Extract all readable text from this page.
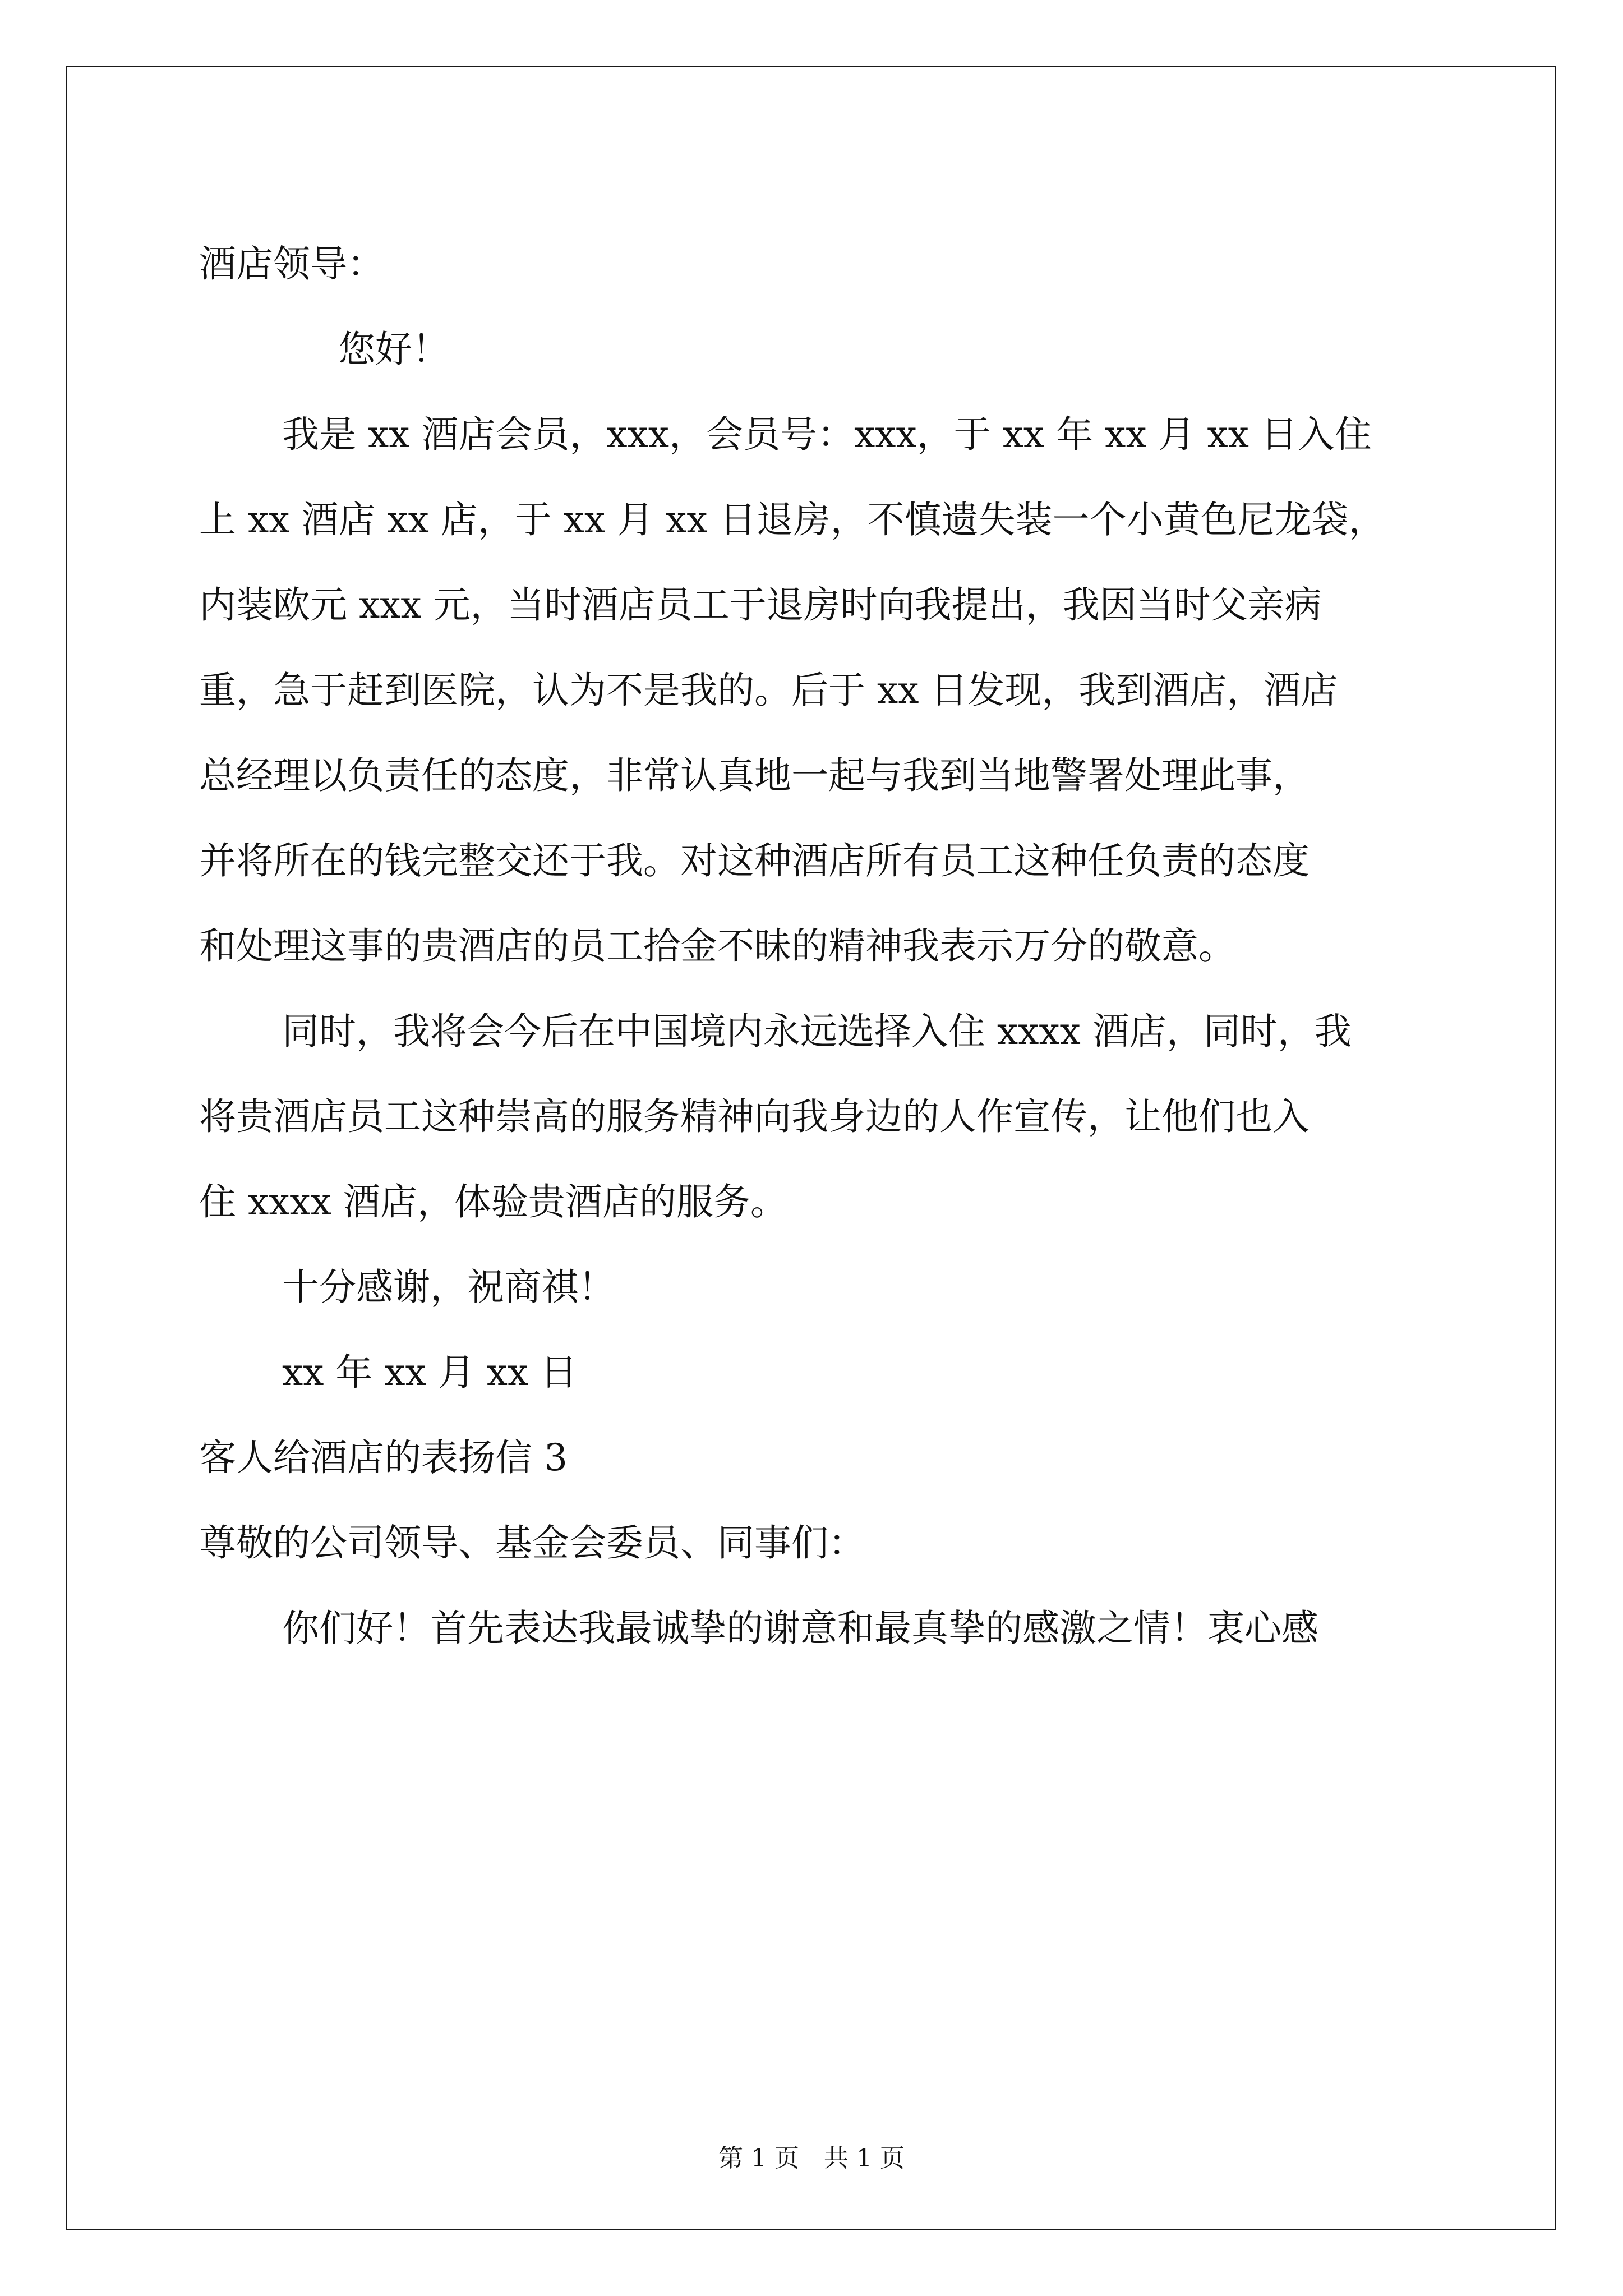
酒店领导：
您好！
我是 xx 酒店会员，xxx，会员号：xxx，于 xx 年 xx 月 xx 日入住
上 xx 酒店 xx 店，于 xx 月 xx 日退房，不慎遗失装一个小黄色尼龙袋，
内装欧元 xxx 元，当时酒店员工于退房时向我提出，我因当时父亲病
重，急于赶到医院，认为不是我的。后于 xx 日发现，我到酒店，酒店
总经理以负责任的态度，非常认真地一起与我到当地警署处理此事，
并将所在的钱完整交还于我。对这种酒店所有员工这种任负责的态度
和处理这事的贵酒店的员工拾金不昧的精神我表示万分的敬意。
同时，我将会今后在中国境内永远选择入住 xxxx 酒店，同时，我
将贵酒店员工这种崇高的服务精神向我身边的人作宣传，让他们也入
住 xxxx 酒店，体验贵酒店的服务。
十分感谢，祝商祺！
xx 年 xx 月 xx 日
客人给酒店的表扬信 3
尊敬的公司领导、基金会委员、同事们：
你们好！首先表达我最诚挚的谢意和最真挚的感激之情！衷心感
第 1 页　共 1 页
